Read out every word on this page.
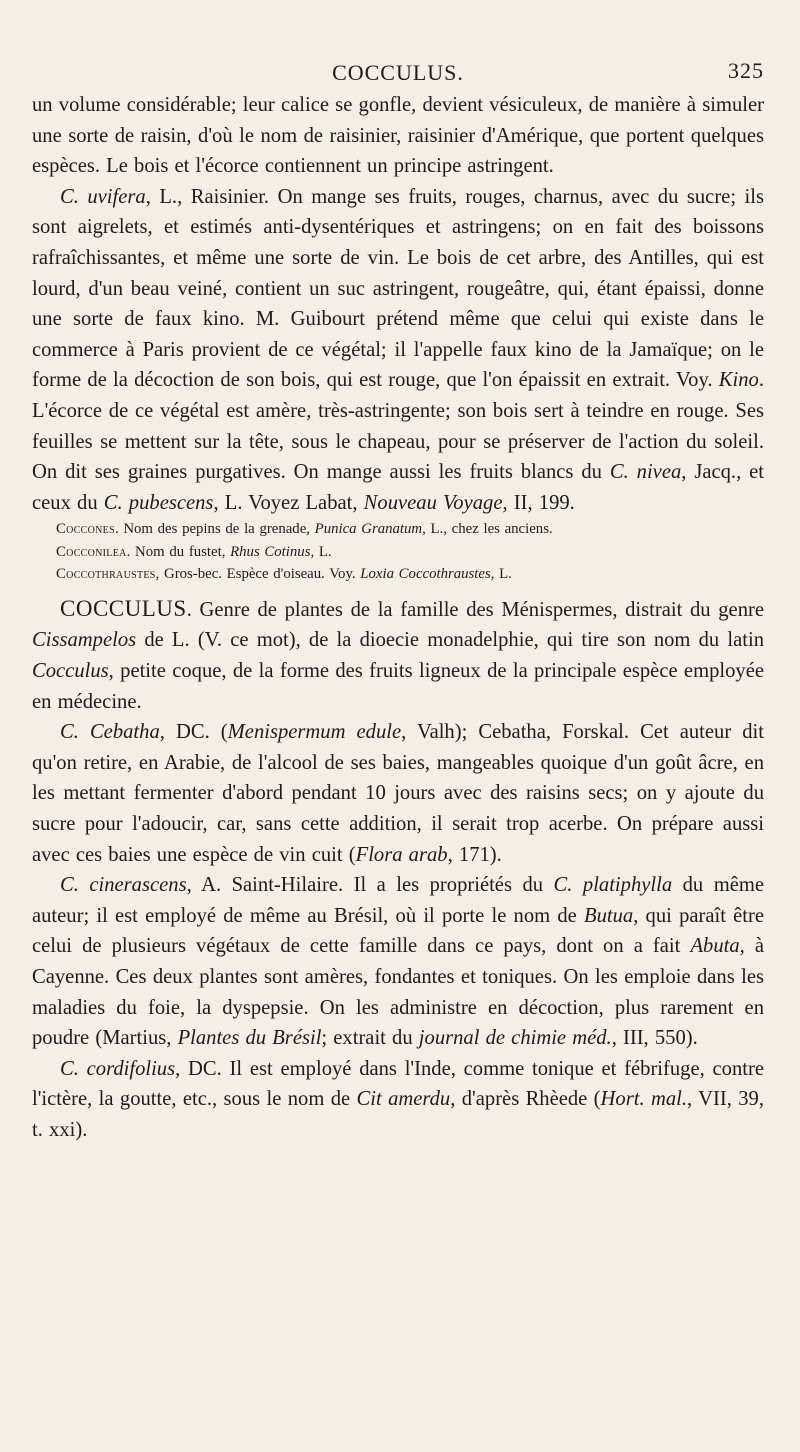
COCCULUS.	325

un volume considérable; leur calice se gonfle, devient vésiculeux, de manière à simuler une sorte de raisin, d'où le nom de raisinier, raisinier d'Amérique, que portent quelques espèces. Le bois et l'écorce contiennent un principe astringent.

C. uvifera, L., Raisinier. On mange ses fruits, rouges, charnus, avec du sucre; ils sont aigrelets, et estimés anti-dysentériques et astringens; on en fait des boissons rafraîchissantes, et même une sorte de vin. Le bois de cet arbre, des Antilles, qui est lourd, d'un beau veiné, contient un suc astringent, rougeâtre, qui, étant épaissi, donne une sorte de faux kino. M. Guibourt prétend même que celui qui existe dans le commerce à Paris provient de ce végétal; il l'appelle faux kino de la Jamaïque; on le forme de la décoction de son bois, qui est rouge, que l'on épaissit en extrait. Voy. Kino. L'écorce de ce végétal est amère, très-astringente; son bois sert à teindre en rouge. Ses feuilles se mettent sur la tête, sous le chapeau, pour se préserver de l'action du soleil. On dit ses graines purgatives. On mange aussi les fruits blancs du C. nivea, Jacq., et ceux du C. pubescens, L. Voyez Labat, Nouveau Voyage, II, 199.

Coccones. Nom des pepins de la grenade, Punica Granatum, L., chez les anciens.

Cocconilea. Nom du fustet, Rhus Cotinus, L.

Coccothraustes, Gros-bec. Espèce d'oiseau. Voy. Loxia Coccothraustes, L.

COCCULUS. Genre de plantes de la famille des Ménispermes, distrait du genre Cissampelos de L. (V. ce mot), de la dioecie monadelphie, qui tire son nom du latin Cocculus, petite coque, de la forme des fruits ligneux de la principale espèce employée en médecine.

C. Cebatha, DC. (Menispermum edule, Valh); Cebatha, Forskal. Cet auteur dit qu'on retire, en Arabie, de l'alcool de ses baies, mangeables quoique d'un goût âcre, en les mettant fermenter d'abord pendant 10 jours avec des raisins secs; on y ajoute du sucre pour l'adoucir, car, sans cette addition, il serait trop acerbe. On prépare aussi avec ces baies une espèce de vin cuit (Flora arab, 171).

C. cinerascens, A. Saint-Hilaire. Il a les propriétés du C. platiphylla du même auteur; il est employé de même au Brésil, où il porte le nom de Butua, qui paraît être celui de plusieurs végétaux de cette famille dans ce pays, dont on a fait Abuta, à Cayenne. Ces deux plantes sont amères, fondantes et toniques. On les emploie dans les maladies du foie, la dyspepsie. On les administre en décoction, plus rarement en poudre (Martius, Plantes du Brésil; extrait du journal de chimie méd., III, 550).

C. cordifolius, DC. Il est employé dans l'Inde, comme tonique et fébrifuge, contre l'ictère, la goutte, etc., sous le nom de Cit amerdu, d'après Rhèede (Hort. mal., VII, 39, t. xxi).
